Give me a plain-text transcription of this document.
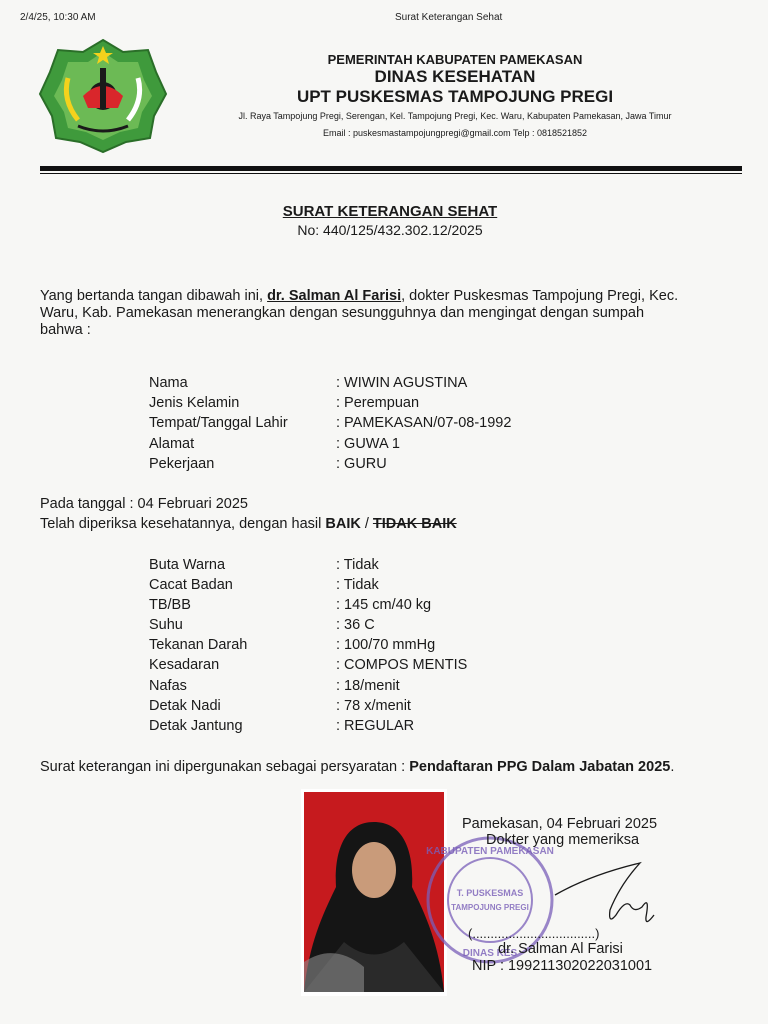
2/4/25, 10:30 AM	Surat Keterangan Sehat
PEMERINTAH KABUPATEN PAMEKASAN
DINAS KESEHATAN
UPT PUSKESMAS TAMPOJUNG PREGI
Jl. Raya Tampojung Pregi, Serengan, Kel. Tampojung Pregi, Kec. Waru, Kabupaten Pamekasan, Jawa Timur
Email : puskesmastampojungpregi@gmail.com Telp : 0818521852
SURAT KETERANGAN SEHAT
No: 440/125/432.302.12/2025
Yang bertanda tangan dibawah ini, dr. Salman Al Farisi, dokter Puskesmas Tampojung Pregi, Kec.
Waru, Kab. Pamekasan menerangkan dengan sesungguhnya dan mengingat dengan sumpah
bahwa :
Nama	: WIWIN AGUSTINA
Jenis Kelamin	: Perempuan
Tempat/Tanggal Lahir	: PAMEKASAN/07-08-1992
Alamat	: GUWA 1
Pekerjaan	: GURU
Pada tanggal : 04 Februari 2025
Telah diperiksa kesehatannya, dengan hasil BAIK / TIDAK BAIK
Buta Warna	: Tidak
Cacat Badan	: Tidak
TB/BB	: 145 cm/40 kg
Suhu	: 36 C
Tekanan Darah	: 100/70 mmHg
Kesadaran	: COMPOS MENTIS
Nafas	: 18/menit
Detak Nadi	: 78 x/menit
Detak Jantung	: REGULAR
Surat keterangan ini dipergunakan sebagai persyaratan : Pendaftaran PPG Dalam Jabatan 2025.
KABUPATEN PAMEKASAN
T. PUSKESMAS
TAMPOJUNG PREGI
DINAS KES
Pamekasan, 04 Februari 2025
Dokter yang memeriksa
(..................................)
dr. Salman Al Farisi
NIP : 199211302022031001
